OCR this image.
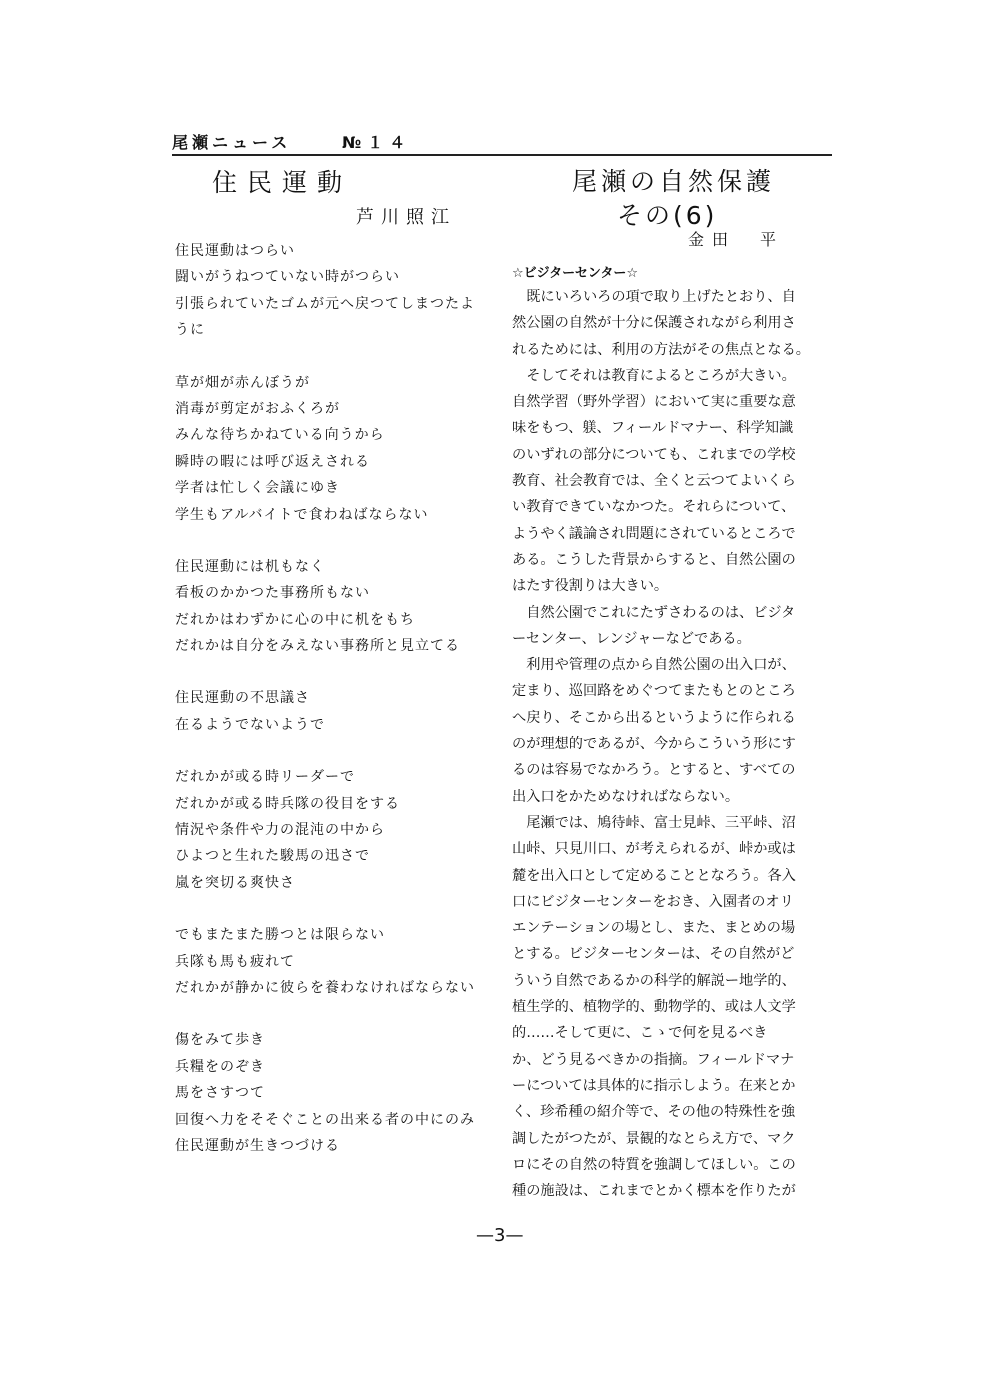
尾瀬ニュース	№１４
住民運動
芦川照江
住民運動はつらい
闘いがうねつていない時がつらい
引張られていたゴムが元へ戻つてしまつたよ
うに
草が畑が赤んぼうが
消毒が剪定がおふくろが
みんな待ちかねている向うから
瞬時の暇には呼び返えされる
学者は忙しく会議にゆき
学生もアルバイトで食わねばならない
住民運動には机もなく
看板のかかつた事務所もない
だれかはわずかに心の中に机をもち
だれかは自分をみえない事務所と見立てる
住民運動の不思議さ
在るようでないようで
だれかが或る時リーダーで
だれかが或る時兵隊の役目をする
情況や条件や力の混沌の中から
ひよつと生れた駿馬の迅さで
嵐を突切る爽快さ
でもまたまた勝つとは限らない
兵隊も馬も疲れて
だれかが静かに彼らを養わなければならない
傷をみて歩き
兵糧をのぞき
馬をさすつて
回復へ力をそそぐことの出来る者の中にのみ
住民運動が生きつづける
尾瀬の自然保護
その(6)
金田　平
☆ビジターセンター☆
　既にいろいろの項で取り上げたとおり、自
然公園の自然が十分に保護されながら利用さ
れるためには、利用の方法がその焦点となる。
　そしてそれは教育によるところが大きい。
自然学習（野外学習）において実に重要な意
味をもつ、躾、フィールドマナー、科学知識
のいずれの部分についても、これまでの学校
教育、社会教育では、全くと云つてよいくら
い教育できていなかつた。それらについて、
ようやく議論され問題にされているところで
ある。こうした背景からすると、自然公園の
はたす役割りは大きい。
　自然公園でこれにたずさわるのは、ビジタ
ーセンター、レンジャーなどである。
　利用や管理の点から自然公園の出入口が、
定まり、巡回路をめぐつてまたもとのところ
へ戻り、そこから出るというように作られる
のが理想的であるが、今からこういう形にす
るのは容易でなかろう。とすると、すべての
出入口をかためなければならない。
　尾瀬では、鳩待峠、富士見峠、三平峠、沼
山峠、只見川口、が考えられるが、峠か或は
麓を出入口として定めることとなろう。各入
口にビジターセンターをおき、入園者のオリ
エンテーションの場とし、また、まとめの場
とする。ビジターセンターは、その自然がど
ういう自然であるかの科学的解説ー地学的、
植生学的、植物学的、動物学的、或は人文学
的……そして更に、こゝで何を見るべき
か、どう見るべきかの指摘。フィールドマナ
ーについては具体的に指示しよう。在来とか
く、珍希種の紹介等で、その他の特殊性を強
調したがつたが、景観的なとらえ方で、マク
ロにその自然の特質を強調してほしい。この
種の施設は、これまでとかく標本を作りたが
—3—
